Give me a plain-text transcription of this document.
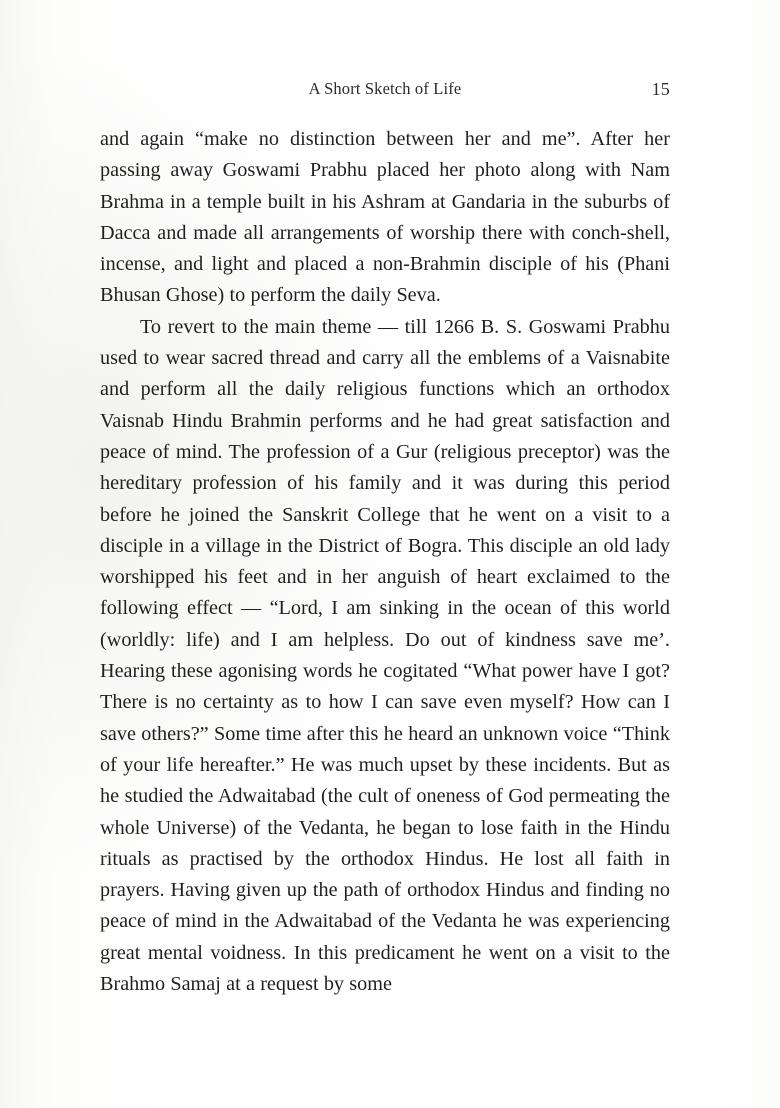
A Short Sketch of Life	15

and again “make no distinction between her and me”. After her passing away Goswami Prabhu placed her photo along with Nam Brahma in a temple built in his Ashram at Gandaria in the suburbs of Dacca and made all arrangements of worship there with conch-shell, incense, and light and placed a non-Brahmin disciple of his (Phani Bhusan Ghose) to perform the daily Seva.

To revert to the main theme — till 1266 B. S. Goswami Prabhu used to wear sacred thread and carry all the emblems of a Vaisnabite and perform all the daily religious functions which an orthodox Vaisnab Hindu Brahmin performs and he had great satisfaction and peace of mind. The profession of a Gur (religious preceptor) was the hereditary profession of his family and it was during this period before he joined the Sanskrit College that he went on a visit to a disciple in a village in the District of Bogra. This disciple an old lady worshipped his feet and in her anguish of heart exclaimed to the following effect — “Lord, I am sinking in the ocean of this world (worldly: life) and I am helpless. Do out of kindness save me’. Hearing these agonising words he cogitated “What power have I got? There is no certainty as to how I can save even myself? How can I save others?” Some time after this he heard an unknown voice “Think of your life hereafter.” He was much upset by these incidents. But as he studied the Adwaitabad (the cult of oneness of God permeating the whole Universe) of the Vedanta, he began to lose faith in the Hindu rituals as practised by the orthodox Hindus. He lost all faith in prayers. Having given up the path of orthodox Hindus and finding no peace of mind in the Adwaitabad of the Vedanta he was experiencing great mental voidness. In this predicament he went on a visit to the Brahmo Samaj at a request by some
